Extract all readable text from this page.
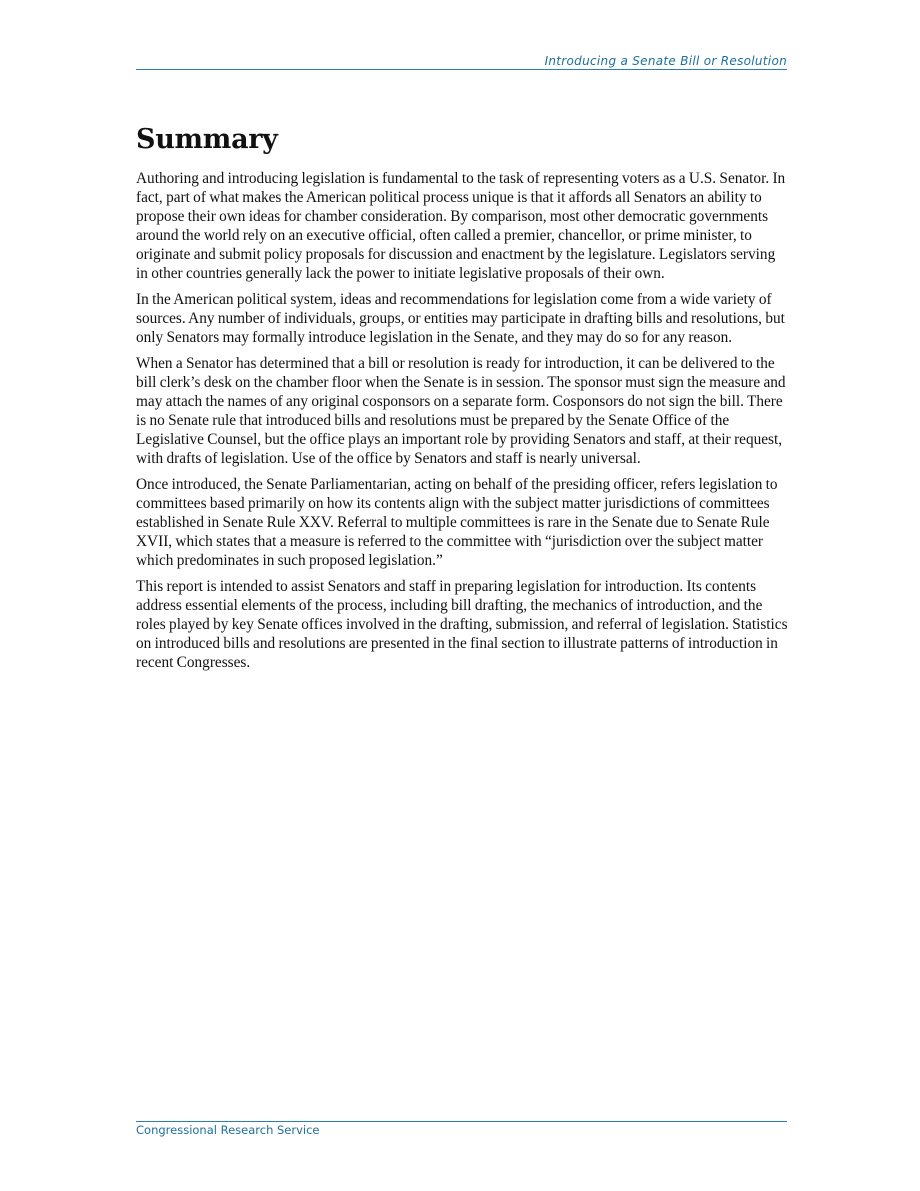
Introducing a Senate Bill or Resolution
Summary

Authoring and introducing legislation is fundamental to the task of representing voters as a U.S. Senator. In fact, part of what makes the American political process unique is that it affords all Senators an ability to propose their own ideas for chamber consideration. By comparison, most other democratic governments around the world rely on an executive official, often called a premier, chancellor, or prime minister, to originate and submit policy proposals for discussion and enactment by the legislature. Legislators serving in other countries generally lack the power to initiate legislative proposals of their own.

In the American political system, ideas and recommendations for legislation come from a wide variety of sources. Any number of individuals, groups, or entities may participate in drafting bills and resolutions, but only Senators may formally introduce legislation in the Senate, and they may do so for any reason.

When a Senator has determined that a bill or resolution is ready for introduction, it can be delivered to the bill clerk’s desk on the chamber floor when the Senate is in session. The sponsor must sign the measure and may attach the names of any original cosponsors on a separate form. Cosponsors do not sign the bill. There is no Senate rule that introduced bills and resolutions must be prepared by the Senate Office of the Legislative Counsel, but the office plays an important role by providing Senators and staff, at their request, with drafts of legislation. Use of the office by Senators and staff is nearly universal.

Once introduced, the Senate Parliamentarian, acting on behalf of the presiding officer, refers legislation to committees based primarily on how its contents align with the subject matter jurisdictions of committees established in Senate Rule XXV. Referral to multiple committees is rare in the Senate due to Senate Rule XVII, which states that a measure is referred to the committee with “jurisdiction over the subject matter which predominates in such proposed legislation.”

This report is intended to assist Senators and staff in preparing legislation for introduction. Its contents address essential elements of the process, including bill drafting, the mechanics of introduction, and the roles played by key Senate offices involved in the drafting, submission, and referral of legislation. Statistics on introduced bills and resolutions are presented in the final section to illustrate patterns of introduction in recent Congresses.

Congressional Research Service
